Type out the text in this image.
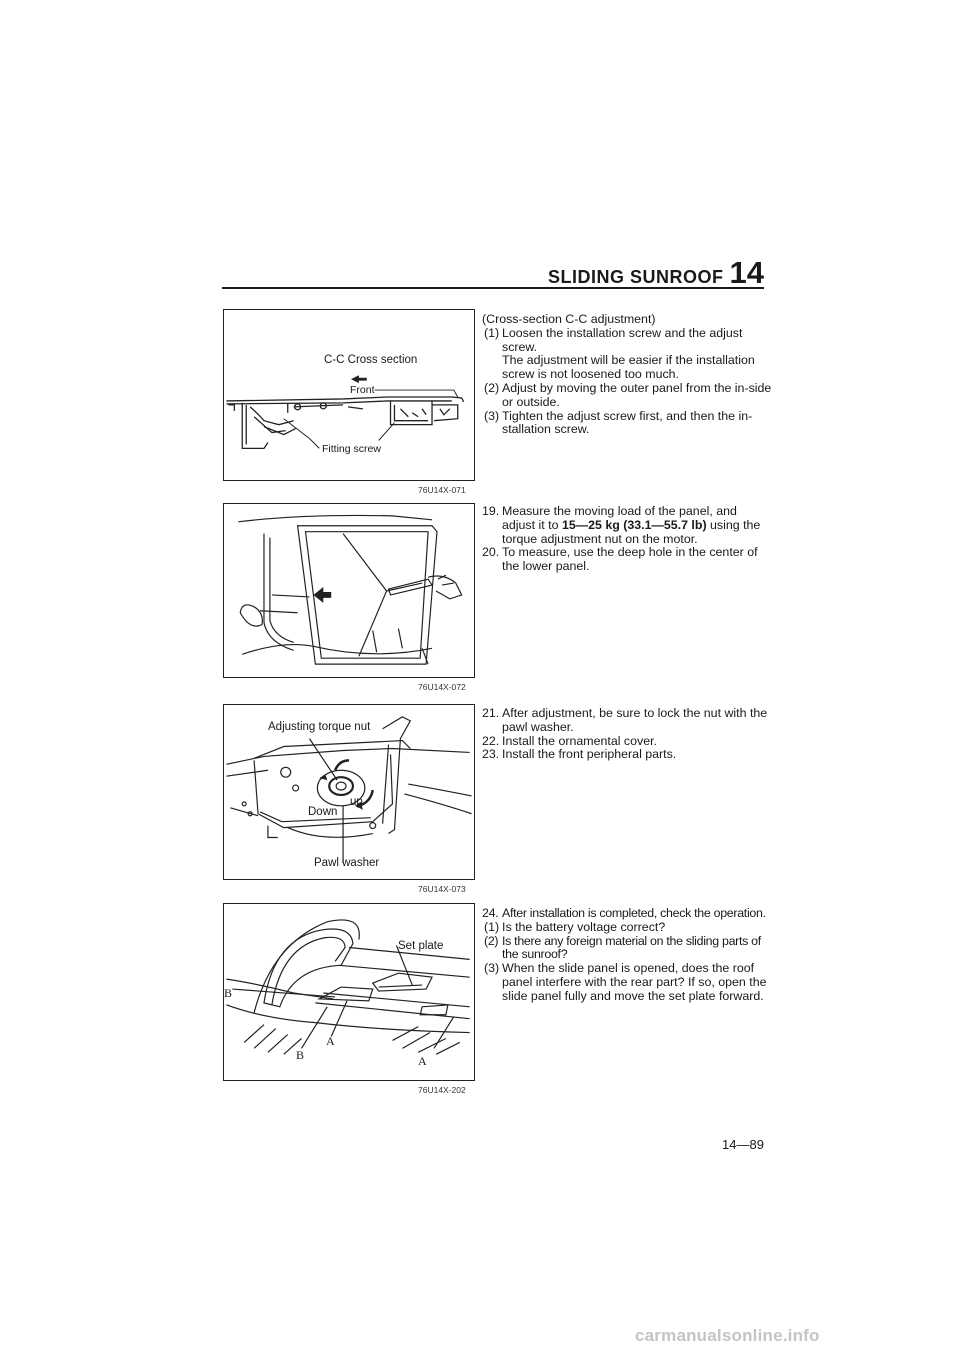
SLIDING SUNROOF 14
C-C Cross section
Front
Fitting screw
76U14X-071

(Cross-section C-C adjustment)

(1) Loosen the installation screw and the adjust screw.
The adjustment will be easier if the installation screw is not loosened too much.
(2) Adjust by moving the outer panel from the in-side or outside.
(3) Tighten the adjust screw first, and then the in-stallation screw.
76U14X-072
19. Measure the moving load of the panel, and adjust it to 15—25 kg (33.1—55.7 lb) using the torque adjustment nut on the motor.
20. To measure, use the deep hole in the center of the lower panel.
Adjusting torque nut
Down
up
Pawl washer
76U14X-073
21. After adjustment, be sure to lock the nut with the pawl washer.
22. Install the ornamental cover.
23. Install the front peripheral parts.
Set plate
B
B
A
A
76U14X-202
24. After installation is completed, check the operation.
(1) Is the battery voltage correct?
(2) Is there any foreign material on the sliding parts of the sunroof?
(3) When the slide panel is opened, does the roof panel interfere with the rear part? If so, open the slide panel fully and move the set plate forward.
14—89
carmanualsonline.info
